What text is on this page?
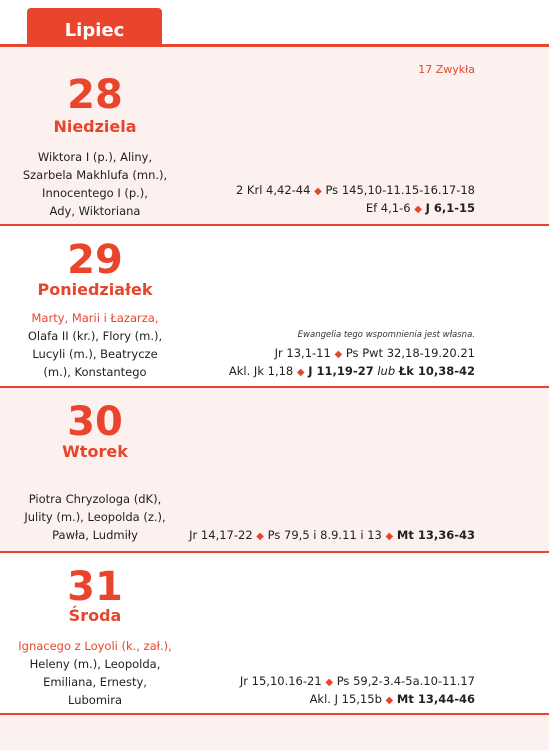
Lipiec
17 Zwykła
28
Niedziela
Wiktora I (p.), Aliny,
Szarbela Makhlufa (mn.),
Innocentego I (p.),
Ady, Wiktoriana
2 Krl 4,42-44 ◆ Ps 145,10-11.15-16.17-18
Ef 4,1-6 ◆ J 6,1-15
29
Poniedziałek
Marty, Marii i Łazarza,
Olafa II (kr.), Flory (m.),
Lucyli (m.), Beatrycze
(m.), Konstantego
Ewangelia tego wspomnienia jest własna.
Jr 13,1-11 ◆ Ps Pwt 32,18-19.20.21
Akl. Jk 1,18 ◆ J 11,19-27 lub Łk 10,38-42
30
Wtorek
Piotra Chryzologa (dK),
Julity (m.), Leopolda (z.),
Pawła, Ludmiły	Jr 14,17-22 ◆ Ps 79,5 i 8.9.11 i 13 ◆ Mt 13,36-43
31
Środa
Ignacego z Loyoli (k., zał.),
Heleny (m.), Leopolda,
Emiliana, Ernesty,
Lubomira
Jr 15,10.16-21 ◆ Ps 59,2-3.4-5a.10-11.17
Akl. J 15,15b ◆ Mt 13,44-46
